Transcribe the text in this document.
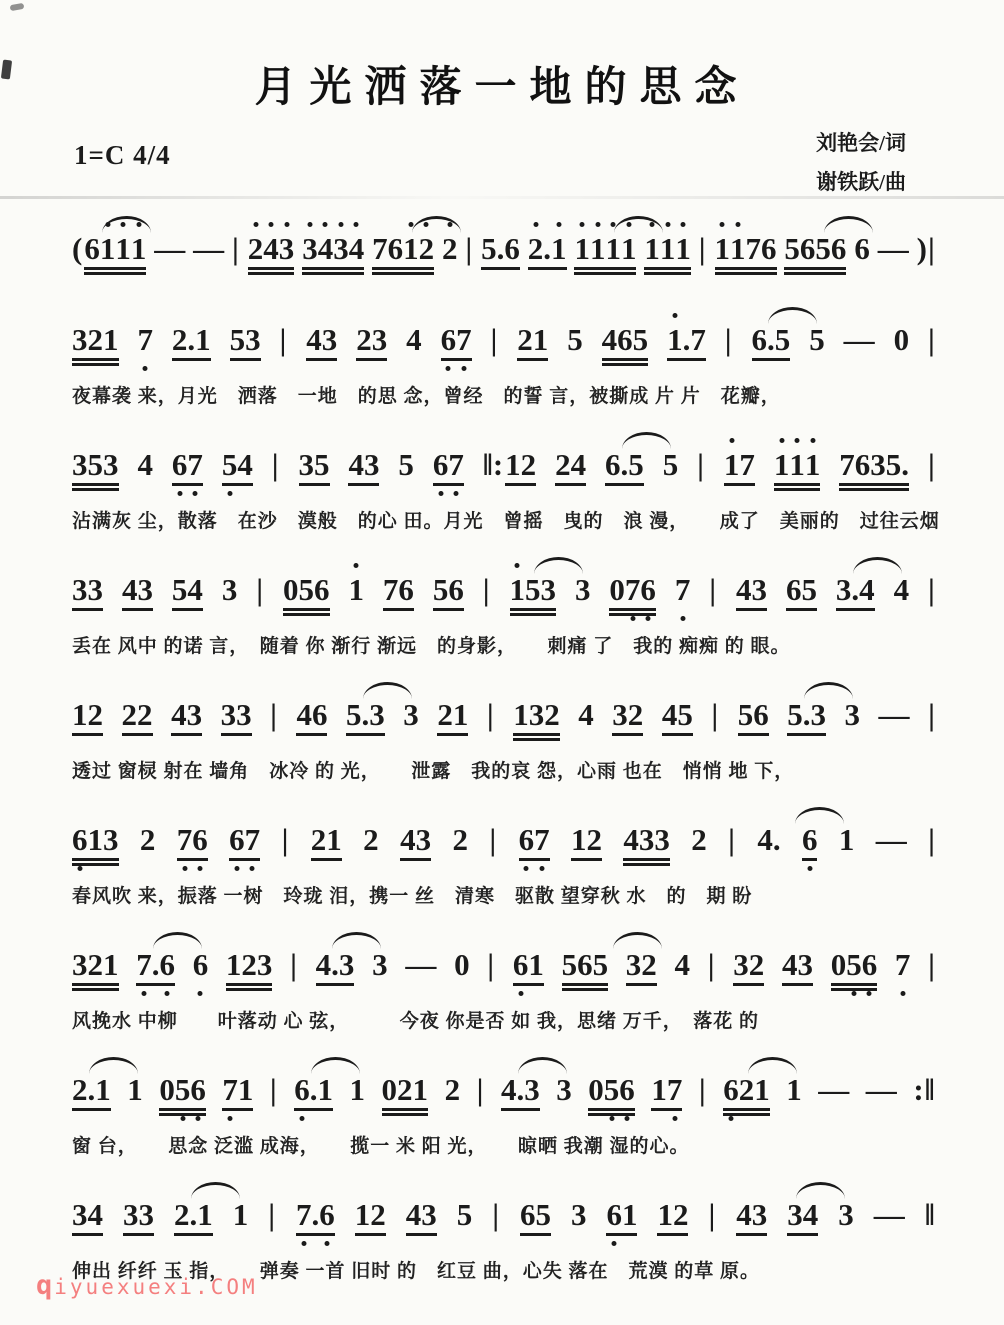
月光洒落一地的思念
1=C 4/4	刘艳会/词
谢铁跃/曲
( 61
1
1 — — | 2
4
3 3
4
3
4 761
2 2 | 5.6 2
.1 1
1
1
1 1
1
1 | 1
1
76 5656 6 — )|
321 7 2.1 53 | 43 23 4 6
7 | 21 5 465 1
.7 | 6.5 5 — 0 |
夜幕袭 来，月光　洒落　一地　的思 念，曾经　的誓 言，被撕成 片 片　花瓣，
353 4 6
7 5
4 | 35 43 5 6
7 ‖: 12 24 6.5 5 | 1
7 1
1
1 7635. |
沾满灰 尘，散落　在沙　漠般　的心 田。月光　曾摇　曳的　浪 漫，　　成了　美丽的　过往云烟
33 43 54 3 | 056 1 76 56 | 1
53 3 07
6 7 | 43 65 3.4 4 |
丢在 风中 的诺 言，　随着 你 渐行 渐远　的身影，　　刺痛 了　我的 痴痴 的 眼。
12 22 43 33 | 46 5.3 3 21 | 132 4 32 45 | 56 5.3 3 — |
透过 窗棂 射在 墙角　冰冷 的 光，　　泄露　我的哀 怨，心雨 也在　悄悄 地 下，
6
13 2 7
6 6
7 | 21 2 43 2 | 6
7 12 433 2 | 4. 6 1 — |
春风吹 来，振落 一树　玲珑 泪，携一 丝　清寒　驱散 望穿秋 水　的　期 盼
321 7
.6 6 123 | 4.3 3 — 0 | 6
1 565 32 4 | 32 43 05
6 7 |
风挽水 中柳　　叶落动 心 弦，　　　今夜 你是否 如 我，思绪 万千，　落花 的
2.1 1 05
6 7
1 | 6
.1 1 021 2 | 4.3 3 05
6 17 | 6
21 1 — — :‖
窗 台，　　思念 泛滥 成海，　　揽一 米 阳 光，　　晾晒 我潮 湿的心。
34 33 2.1 1 | 7
.6 12 43 5 | 65 3 6
1 12 | 43 34 3 — ‖
伸出 纤纤 玉 指，　　弹奏 一首 旧时 的　红豆 曲，心失 落在　荒漠 的草 原。
qiyuexuexi.COM
